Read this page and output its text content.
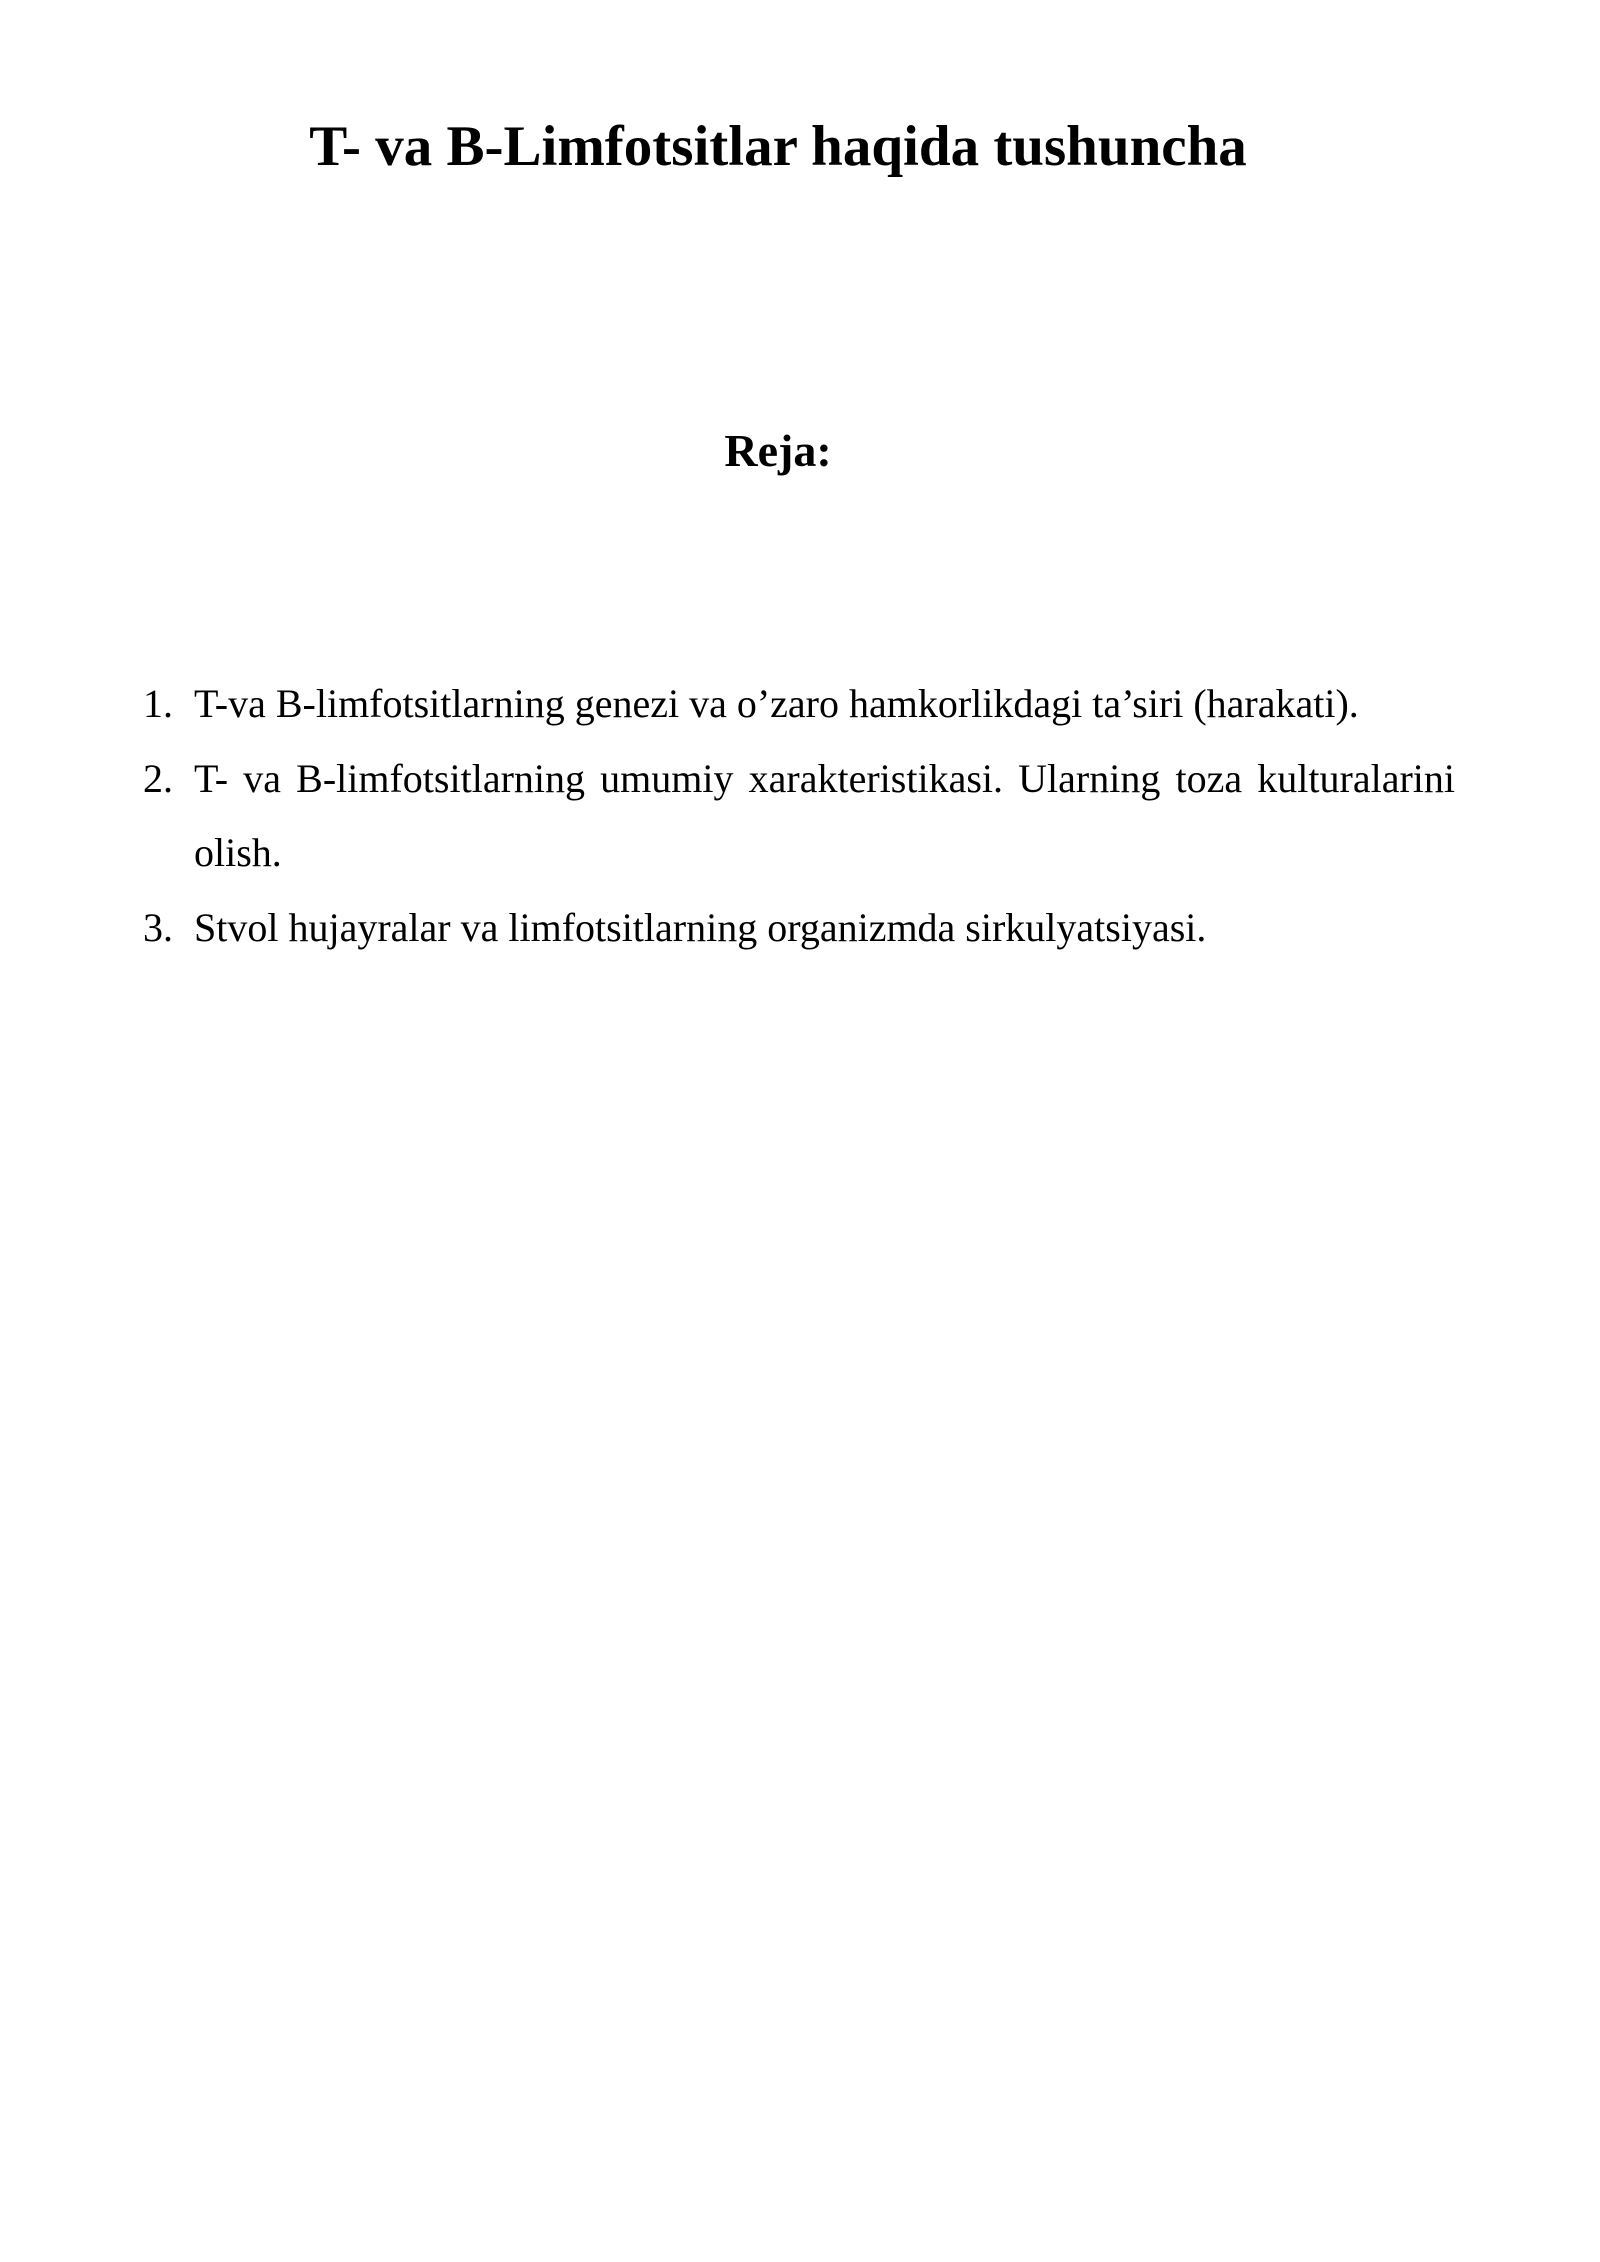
T- va B-Limfotsitlar haqida tushuncha
Reja:
1. T-va B-limfotsitlarning genezi va o’zaro hamkorlikdagi ta’siri (harakati).
2. T- va B-limfotsitlarning umumiy xarakteristikasi. Ularning toza kulturalarini olish.
3. Stvol hujayralar va limfotsitlarning organizmda sirkulyatsiyasi.
